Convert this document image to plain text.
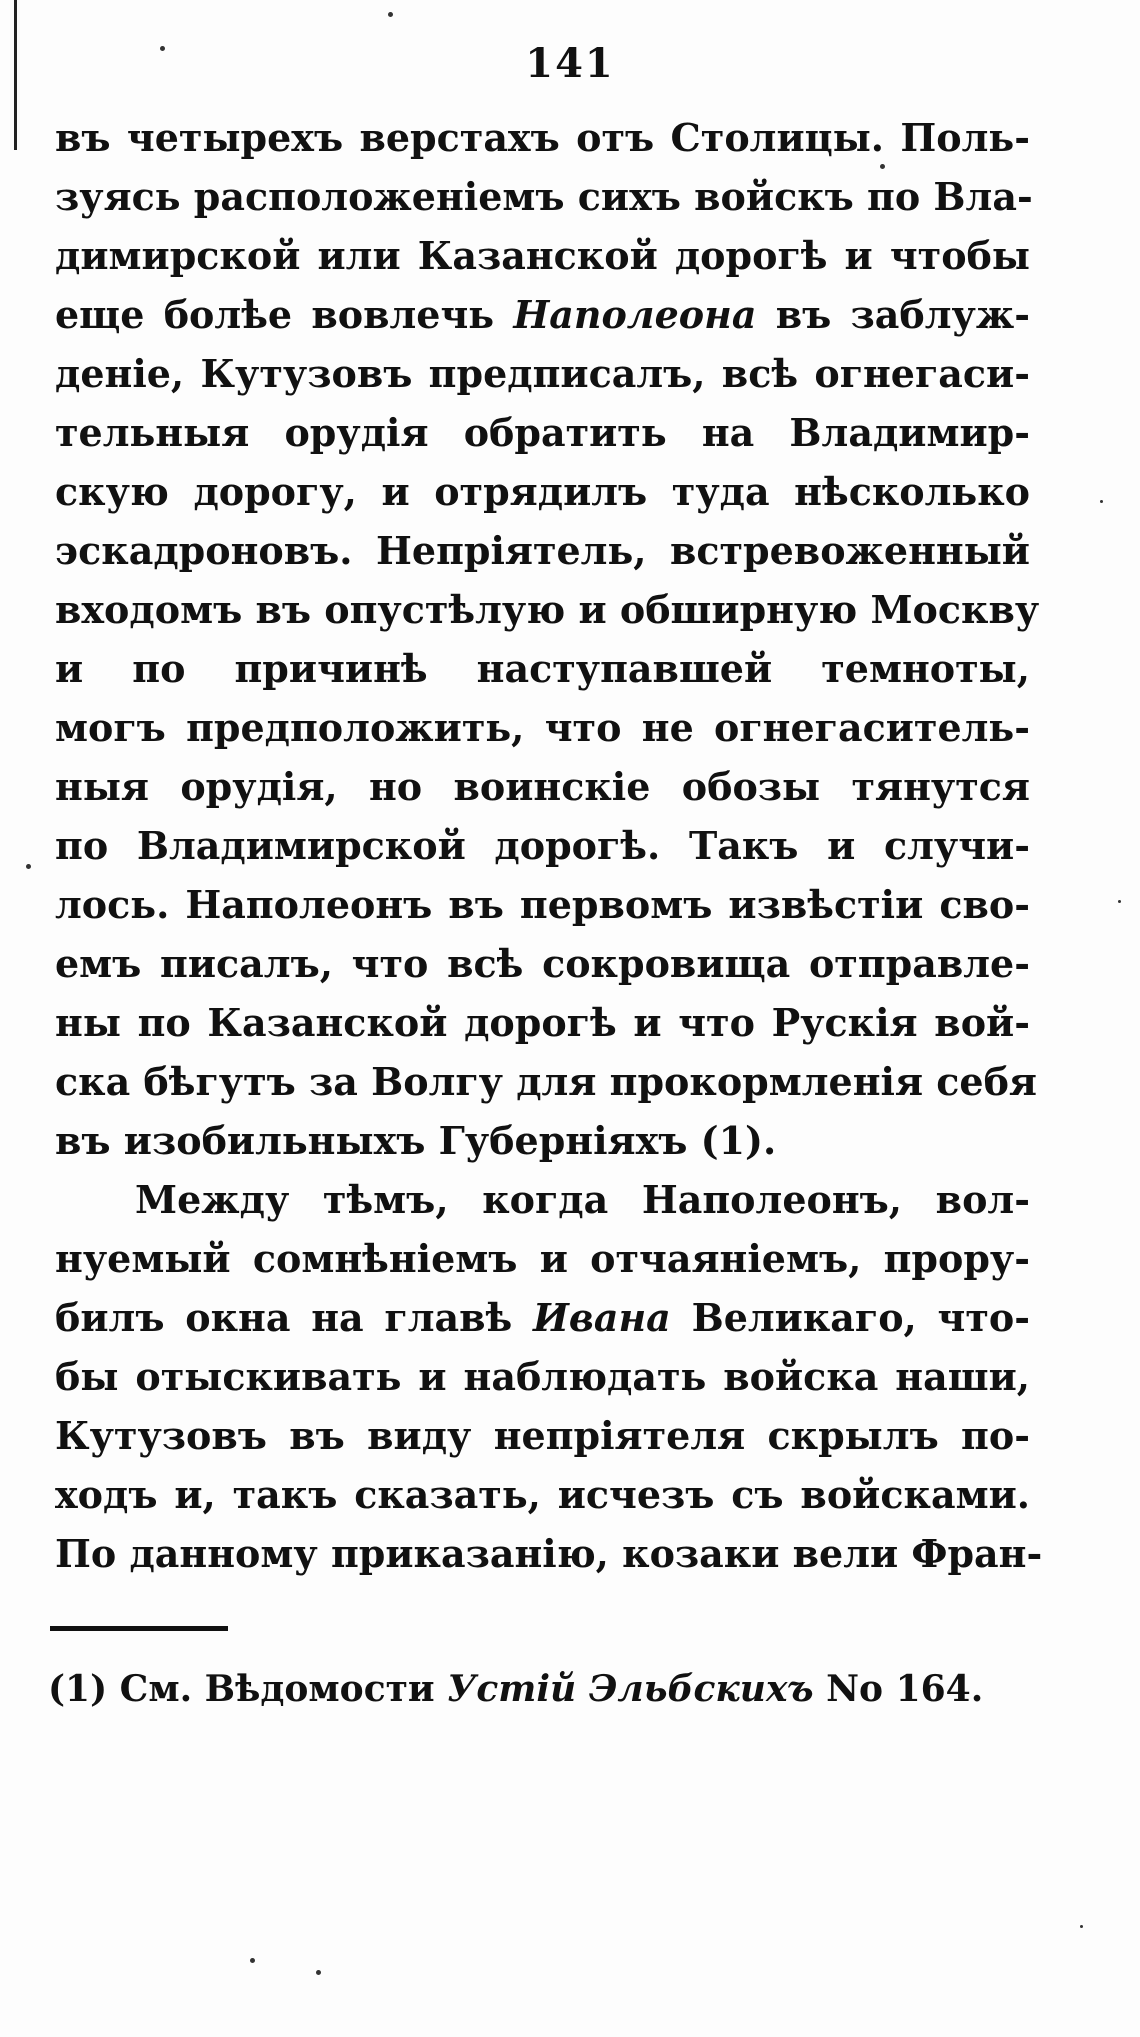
141
въ четырехъ верстахъ отъ Столицы. Поль-
зуясь расположеніемъ сихъ войскъ по Вла-
димирской или Казанской дорогѣ и чтобы
еще болѣе вовлечь Наполеона въ заблуж-
деніе, Кутузовъ предписалъ, всѣ огнегаси-
тельныя орудія обратить на Владимир-
скую дорогу, и отрядилъ туда нѣсколько
эскадроновъ. Непріятель, встревоженный
входомъ въ опустѣлую и обширную Москву
и по причинѣ наступавшей темноты,
могъ предположить, что не огнегаситель-
ныя орудія, но воинскіе обозы тянутся
по Владимирской дорогѣ. Такъ и случи-
лось. Наполеонъ въ первомъ извѣстіи сво-
емъ писалъ, что всѣ сокровища отправле-
ны по Казанской дорогѣ и что Рускія вой-
ска бѣгутъ за Волгу для прокормленія себя
въ изобильныхъ Губерніяхъ (1).
Между тѣмъ, когда Наполеонъ, вол-
нуемый сомнѣніемъ и отчаяніемъ, прору-
билъ окна на главѣ Ивана Великаго, что-
бы отыскивать и наблюдать войска наши,
Кутузовъ въ виду непріятеля скрылъ по-
ходъ и, такъ сказать, исчезъ съ войсками.
По данному приказанію, козаки вели Фран-
(1) См. Вѣдомости Устій Эльбскихъ No 164.
